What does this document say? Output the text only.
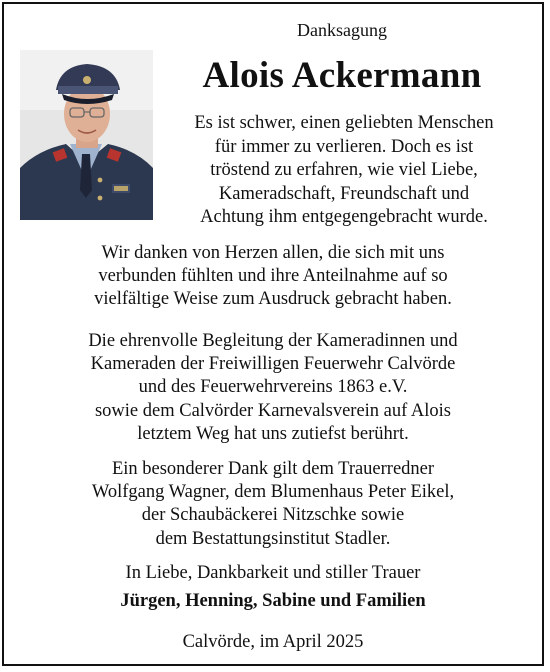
Danksagung
Alois Ackermann
Es ist schwer, einen geliebten Menschen
für immer zu verlieren. Doch es ist
tröstend zu erfahren, wie viel Liebe,
Kameradschaft, Freundschaft und
Achtung ihm entgegengebracht wurde.
Wir danken von Herzen allen, die sich mit uns
verbunden fühlten und ihre Anteilnahme auf so
vielfältige Weise zum Ausdruck gebracht haben.
Die ehrenvolle Begleitung der Kameradinnen und
Kameraden der Freiwilligen Feuerwehr Calvörde
und des Feuerwehrvereins 1863 e.V.
sowie dem Calvörder Karnevalsverein auf Alois
letztem Weg hat uns zutiefst berührt.
Ein besonderer Dank gilt dem Trauerredner
Wolfgang Wagner, dem Blumenhaus Peter Eikel,
der Schaubäckerei Nitzschke sowie
dem Bestattungsinstitut Stadler.
In Liebe, Dankbarkeit und stiller Trauer
Jürgen, Henning, Sabine und Familien
Calvörde, im April 2025
